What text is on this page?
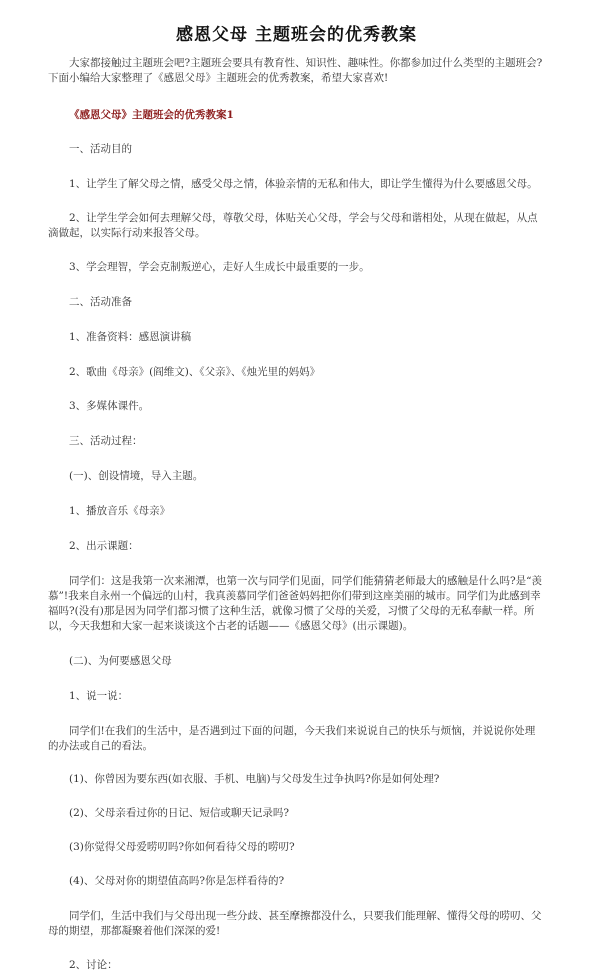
感恩父母 主题班会的优秀教案
大家都接触过主题班会吧?主题班会要具有教育性、知识性、趣味性。你都参加过什么类型的主题班会?下面小编给大家整理了《感恩父母》主题班会的优秀教案，希望大家喜欢!
《感恩父母》主题班会的优秀教案1
一、活动目的
1、让学生了解父母之情，感受父母之情，体验亲情的无私和伟大，即让学生懂得为什么要感恩父母。
2、让学生学会如何去理解父母，尊敬父母，体贴关心父母，学会与父母和谐相处，从现在做起，从点滴做起，以实际行动来报答父母。
3、学会理智，学会克制叛逆心，走好人生成长中最重要的一步。
二、活动准备
1、准备资料：感恩演讲稿
2、歌曲《母亲》(阎维文)、《父亲》、《烛光里的妈妈》
3、多媒体课件。
三、活动过程：
(一)、创设情境，导入主题。
1、播放音乐《母亲》
2、出示课题：
同学们：这是我第一次来湘潭，也第一次与同学们见面，同学们能猜猜老师最大的感触是什么吗?是“羡慕”!我来自永州一个偏远的山村，我真羡慕同学们爸爸妈妈把你们带到这座美丽的城市。同学们为此感到幸福吗?(没有)那是因为同学们都习惯了这种生活，就像习惯了父母的关爱，习惯了父母的无私奉献一样。所以，今天我想和大家一起来谈谈这个古老的话题——《感恩父母》(出示课题)。
(二)、为何要感恩父母
1、说一说：
同学们!在我们的生活中，是否遇到过下面的问题，今天我们来说说自己的快乐与烦恼，并说说你处理的办法或自己的看法。
(1)、你曾因为要东西(如衣服、手机、电脑)与父母发生过争执吗?你是如何处理?
(2)、父母亲看过你的日记、短信或聊天记录吗?
(3)你觉得父母爱唠叨吗?你如何看待父母的唠叨?
(4)、父母对你的期望值高吗?你是怎样看待的?
同学们，生活中我们与父母出现一些分歧、甚至摩擦都没什么，只要我们能理解、懂得父母的唠叨、父母的期望，那都凝聚着他们深深的爱!
2、讨论：
